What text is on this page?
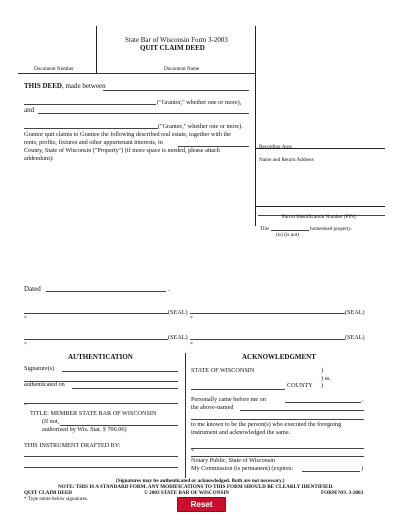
State Bar of Wisconsin Form 3-2003
QUIT CLAIM DEED
Document Number	Document Name
THIS DEED, made between
("Grantor," whether one or more),
and
("Grantee," whether one or more).
Grantor quit claims to Grantee the following described real estate, together with the
rents, profits, fixtures and other appurtenant interests, in
County, State of Wisconsin ("Property") (if more space is needed, please attach
addendum):
Recording Area
Name and Return Address
Parcel Identification Number (PIN)
This	homestead property.
(is) (is not)
Dated	.
(SEAL)
*
(SEAL)
*
(SEAL)
*
(SEAL)
*
AUTHENTICATION
Signature(s)
authenticated on
*
TITLE: MEMBER STATE BAR OF WISCONSIN
(If not,
authorized by Wis. Stat. § 706.06)
THIS INSTRUMENT DRAFTED BY:
ACKNOWLEDGMENT
STATE OF WISCONSIN	)
) ss.
COUNTY )
Personally came before me on	,
the above-named
to me known to be the person(s) who executed the foregoing
instrument and acknowledged the same.
*
Notary Public, State of Wisconsin
My Commission (is permanent) (expires:	)
(Signatures may be authenticated or acknowledged. Both are not necessary.)
NOTE: THIS IS A STANDARD FORM. ANY MODIFICATIONS TO THIS FORM SHOULD BE CLEARLY IDENTIFIED.
QUIT CLAIM DEED	© 2003 STATE BAR OF WISCONSIN	FORM NO. 3-2003
* Type name below signatures.
Reset
